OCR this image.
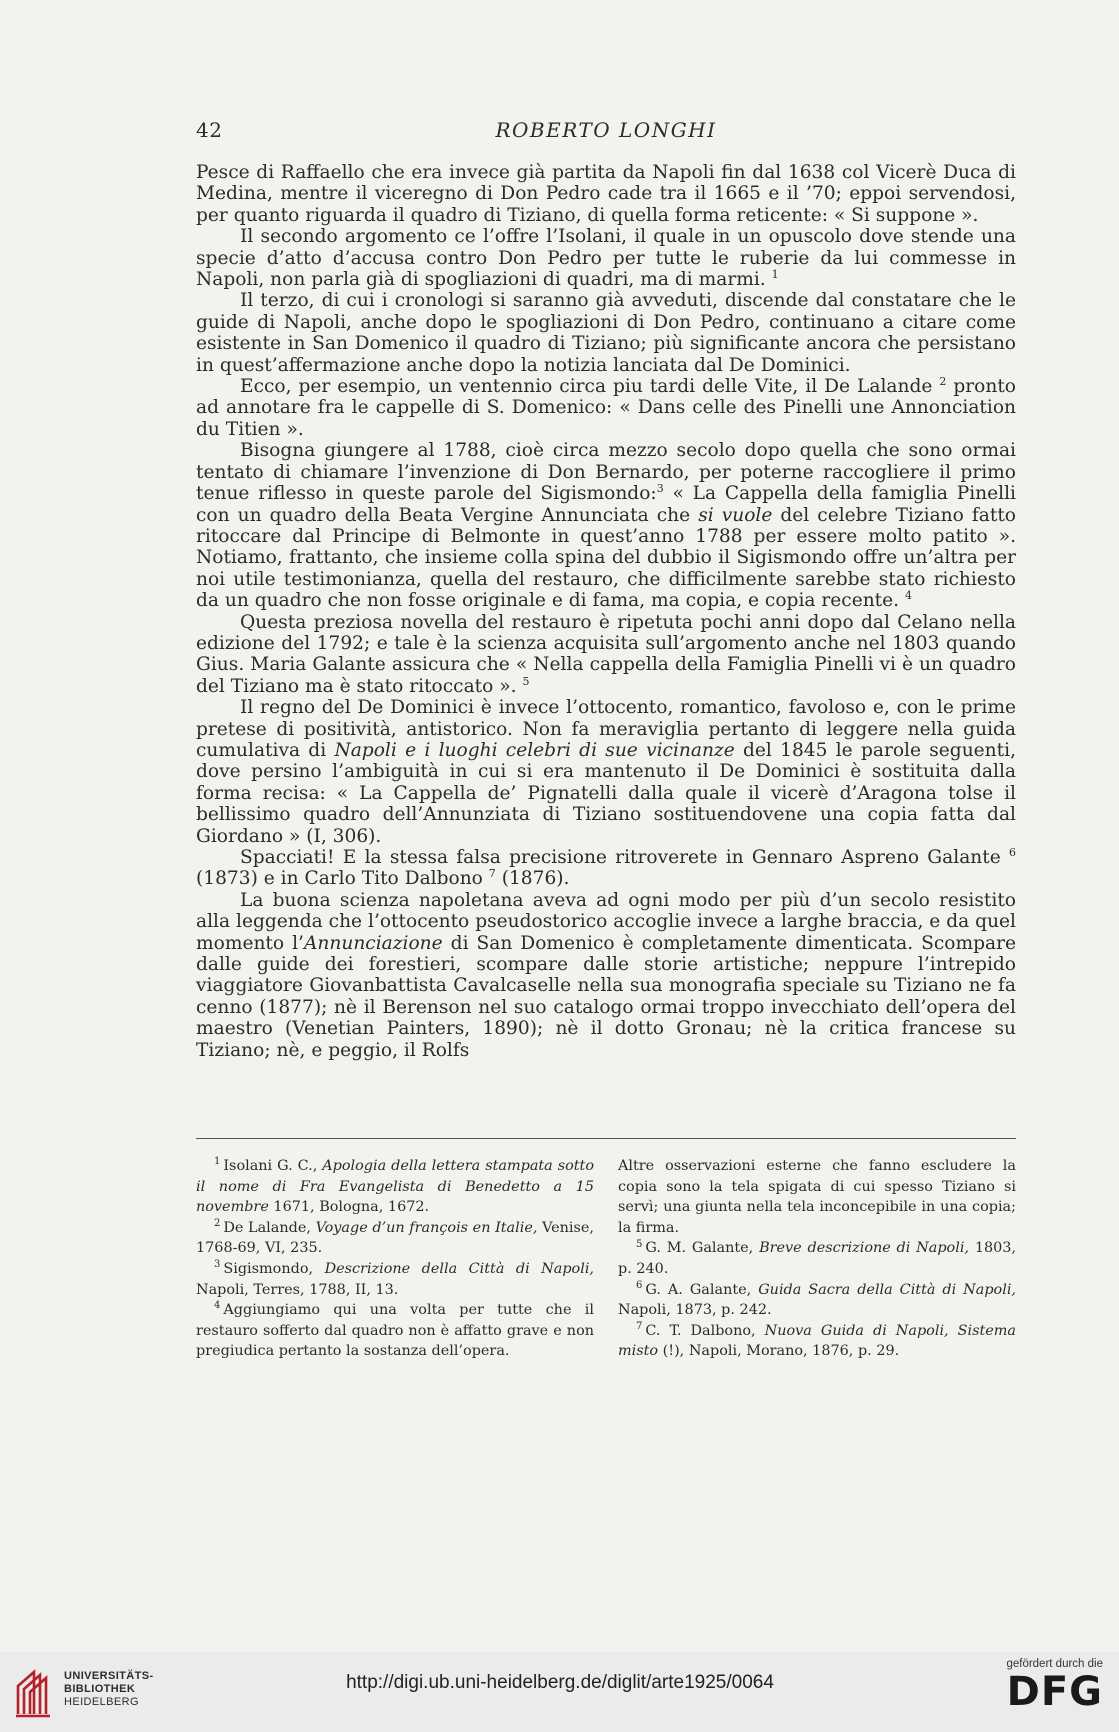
42	ROBERTO LONGHI

Pesce di Raffaello che era invece già partita da Napoli fin dal 1638 col Vicerè Duca di Medina, mentre il viceregno di Don Pedro cade tra il 1665 e il ’70; eppoi servendosi, per quanto riguarda il quadro di Tiziano, di quella forma reticente: « Si suppone ».

Il secondo argomento ce l’offre l’Isolani, il quale in un opuscolo dove stende una specie d’atto d’accusa contro Don Pedro per tutte le ruberie da lui commesse in Napoli, non parla già di spogliazioni di quadri, ma di marmi. $^1$

Il terzo, di cui i cronologi si saranno già avveduti, discende dal constatare che le guide di Napoli, anche dopo le spogliazioni di Don Pedro, continuano a citare come esistente in San Domenico il quadro di Tiziano; più significante ancora che persistano in quest’affermazione anche dopo la notizia lanciata dal De Dominici.

Ecco, per esempio, un ventennio circa piu tardi delle Vite, il De Lalande $^2$ pronto ad annotare fra le cappelle di S. Domenico: « Dans celle des Pinelli une Annonciation du Titien ».

Bisogna giungere al 1788, cioè circa mezzo secolo dopo quella che sono ormai tentato di chiamare l’invenzione di Don Bernardo, per poterne raccogliere il primo tenue riflesso in queste parole del Sigismondo:$^3$ « La Cappella della famiglia Pinelli con un quadro della Beata Vergine Annunciata che si vuole del celebre Tiziano fatto ritoccare dal Principe di Belmonte in quest’anno 1788 per essere molto patito ». Notiamo, frattanto, che insieme colla spina del dubbio il Sigismondo offre un’altra per noi utile testimonianza, quella del restauro, che difficilmente sarebbe stato richiesto da un quadro che non fosse originale e di fama, ma copia, e copia recente. $^4$

Questa preziosa novella del restauro è ripetuta pochi anni dopo dal Celano nella edizione del 1792; e tale è la scienza acquisita sull’argomento anche nel 1803 quando Gius. Maria Galante assicura che « Nella cappella della Famiglia Pinelli vi è un quadro del Tiziano ma è stato ritoccato ». $^5$

Il regno del De Dominici è invece l’ottocento, romantico, favoloso e, con le prime pretese di positività, antistorico. Non fa meraviglia pertanto di leggere nella guida cumulativa di Napoli e i luoghi celebri di sue vicinanze del 1845 le parole seguenti, dove persino l’ambiguità in cui si era mantenuto il De Dominici è sostituita dalla forma recisa: « La Cappella de’ Pignatelli dalla quale il vicerè d’Aragona tolse il bellissimo quadro dell’Annunziata di Tiziano sostituendovene una copia fatta dal Giordano » (I, 306).

Spacciati! E la stessa falsa precisione ritroverete in Gennaro Aspreno Galante $^6$ (1873) e in Carlo Tito Dalbono $^7$ (1876).

La buona scienza napoletana aveva ad ogni modo per più d’un secolo resistito alla leggenda che l’ottocento pseudostorico accoglie invece a larghe braccia, e da quel momento l’Annunciazione di San Domenico è completamente dimenticata. Scompare dalle guide dei forestieri, scompare dalle storie artistiche; neppure l’intrepido viaggiatore Giovanbattista Cavalcaselle nella sua monografia speciale su Tiziano ne fa cenno (1877); nè il Berenson nel suo catalogo ormai troppo invecchiato dell’opera del maestro (Venetian Painters, 1890); nè il dotto Gronau; nè la critica francese su Tiziano; nè, e peggio, il Rolfs

$^1$ Isolani G. C., Apologia della lettera stampata sotto il nome di Fra Evangelista di Benedetto a 15 novembre 1671, Bologna, 1672.

$^2$ De Lalande, Voyage d’un françois en Italie, Venise, 1768-69, VI, 235.

$^3$ Sigismondo, Descrizione della Città di Napoli, Napoli, Terres, 1788, II, 13.

$^4$ Aggiungiamo qui una volta per tutte che il restauro sofferto dal quadro non è affatto grave e non pregiudica pertanto la sostanza dell’opera.

Altre osservazioni esterne che fanno escludere la copia sono la tela spigata di cui spesso Tiziano si servì; una giunta nella tela inconcepibile in una copia; la firma.

$^5$ G. M. Galante, Breve descrizione di Napoli, 1803, p. 240.

$^6$ G. A. Galante, Guida Sacra della Città di Napoli, Napoli, 1873, p. 242.

$^7$ C. T. Dalbono, Nuova Guida di Napoli, Sistema misto (!), Napoli, Morano, 1876, p. 29.

UNIVERSITÄTS-
BIBLIOTHEK
HEIDELBERG
http://digi.ub.uni-heidelberg.de/diglit/arte1925/0064
gefördert durch die
DFG
